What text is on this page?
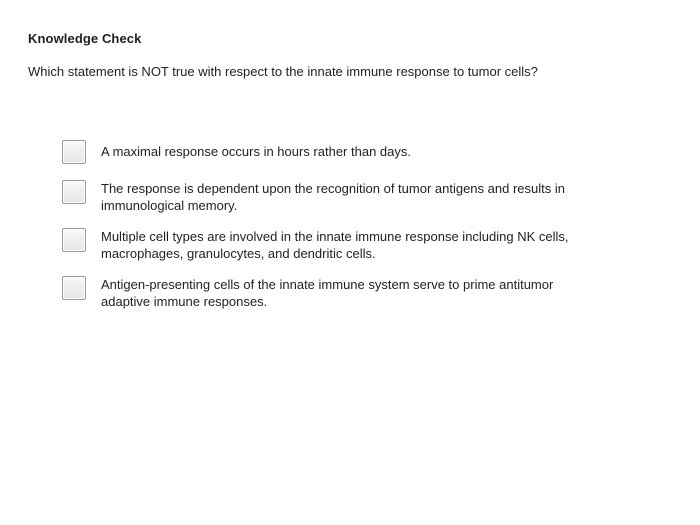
Knowledge Check
Which statement is NOT true with respect to the innate immune response to tumor cells?
A maximal response occurs in hours rather than days.
The response is dependent upon the recognition of tumor antigens and results in immunological memory.
Multiple cell types are involved in the innate immune response including NK cells, macrophages, granulocytes, and dendritic cells.
Antigen-presenting cells of the innate immune system serve to prime antitumor adaptive immune responses.
